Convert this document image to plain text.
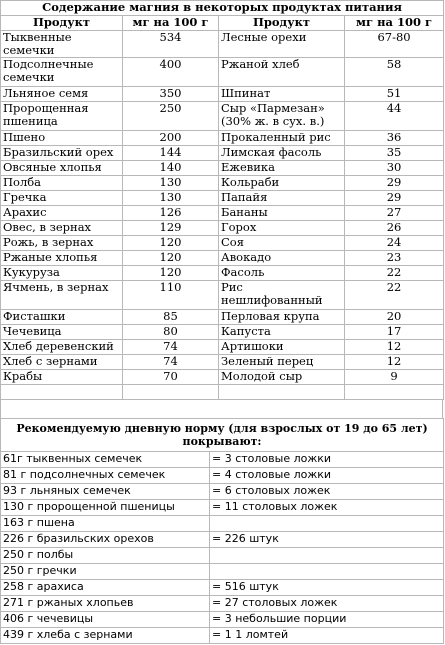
Содержание магния в некоторых продуктах питания			
Продукт	мг на 100 г	Продукт	мг на 100 г
Тыквенные семечки	534	Лесные орехи	67-80
Подсолнечные семечки	400	Ржаной хлеб	58
Льняное семя	350	Шпинат	51
Пророщенная пшеница	250	Сыр «Пармезан» (30% ж. в сух. в.)	44
Пшено	200	Прокаленный рис	36
Бразильский орех	144	Лимская фасоль	35
Овсяные хлопья	140	Ежевика	30
Полба	130	Кольраби	29
Гречка	130	Папайя	29
Арахис	126	Бананы	27
Овес, в зернах	129	Горох	26
Рожь, в зернах	120	Соя	24
Ржаные хлопья	120	Авокадо	23
Кукуруза	120	Фасоль	22
Ячмень, в зернах	110	Рис нешлифованный	22
Фисташки	85	Перловая крупа	20
Чечевица	80	Капуста	17
Хлеб деревенский	74	Артишоки	12
Хлеб с зернами	74	Зеленый перец	12
Крабы	70	Молодой сыр	9

Рекомендуемую дневную норму (для взрослых от 19 до 65 лет) покрывают:	
61г тыквенных семечек	= 3 столовые ложки
81 г подсолнечных семечек	= 4 столовые ложки
93 г льняных семечек	= 6 столовых ложек
130 г пророщенной пшеницы	= 11 столовых ложек
163 г пшена	
226 г бразильских орехов	= 226 штук
250 г полбы	
250 г гречки	
258 г арахиса	= 516 штук
271 г ржаных хлопьев	= 27 столовых ложек
406 г чечевицы	= 3 небольшие порции
439 г хлеба с зернами	= 1 1 ломтей
